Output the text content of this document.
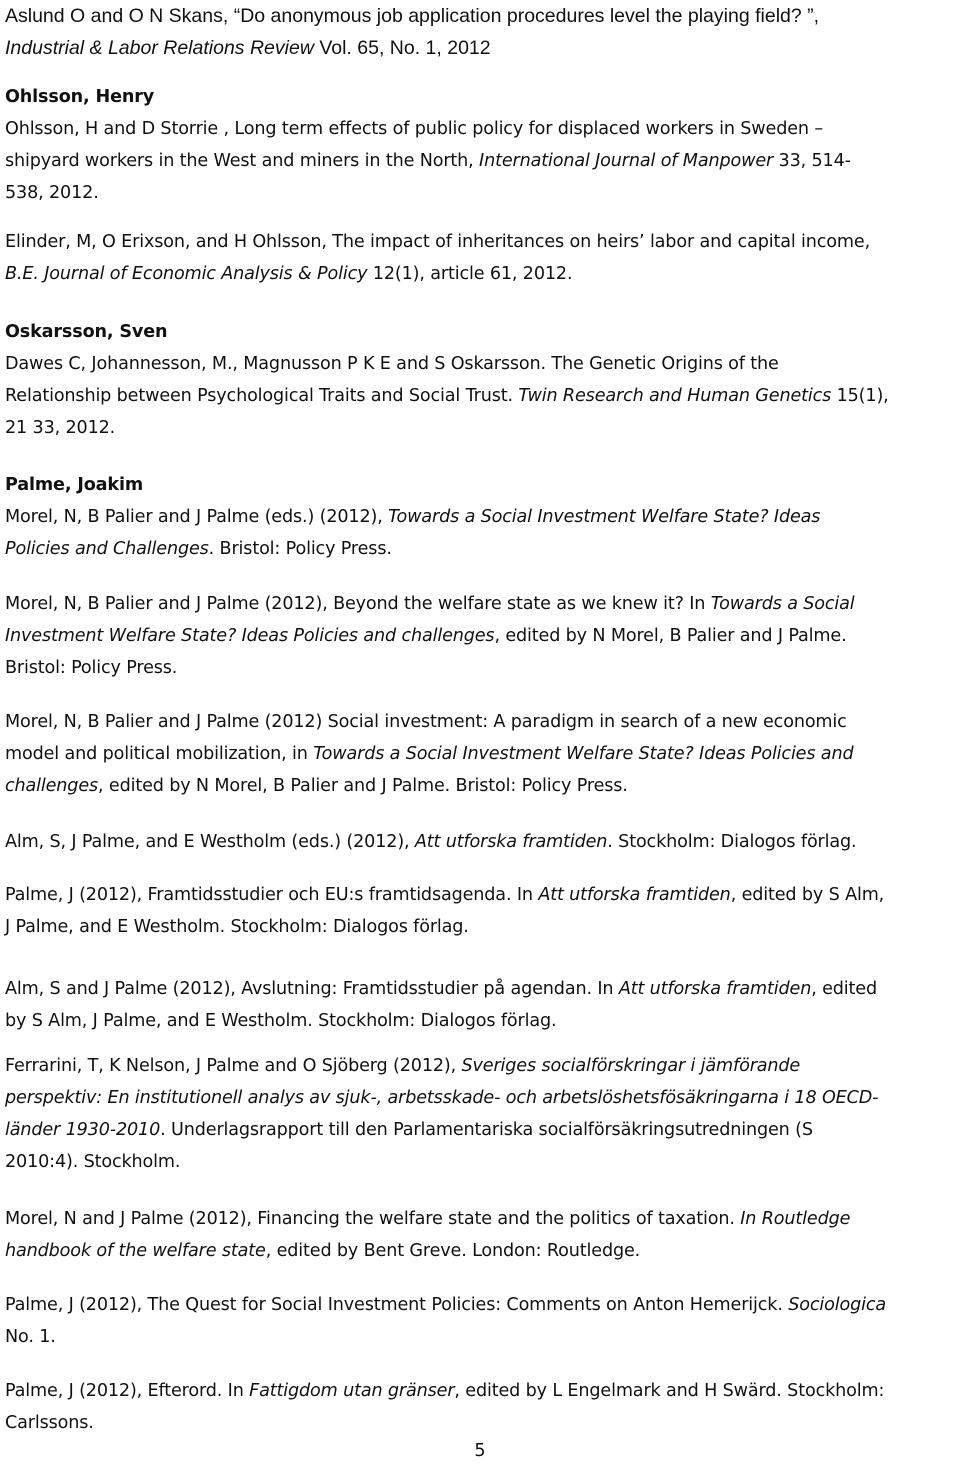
Aslund O and O N Skans, “Do anonymous job application procedures level the playing field? ”,
Industrial & Labor Relations Review Vol. 65, No. 1, 2012
Ohlsson, Henry
Ohlsson, H and D Storrie , Long term effects of public policy for displaced workers in Sweden –
shipyard workers in the West and miners in the North, International Journal of Manpower 33, 514-
538, 2012.
Elinder, M, O Erixson, and H Ohlsson, The impact of inheritances on heirs’ labor and capital income,
B.E. Journal of Economic Analysis & Policy 12(1), article 61, 2012.
Oskarsson, Sven
Dawes C, Johannesson, M., Magnusson P K E and S Oskarsson. The Genetic Origins of the
Relationship between Psychological Traits and Social Trust. Twin Research and Human Genetics 15(1),
21 33, 2012.
Palme, Joakim
Morel, N, B Palier and J Palme (eds.) (2012), Towards a Social Investment Welfare State? Ideas
Policies and Challenges. Bristol: Policy Press.
Morel, N, B Palier and J Palme (2012), Beyond the welfare state as we knew it? In Towards a Social
Investment Welfare State? Ideas Policies and challenges, edited by N Morel, B Palier and J Palme.
Bristol: Policy Press.
Morel, N, B Palier and J Palme (2012) Social investment: A paradigm in search of a new economic
model and political mobilization, in Towards a Social Investment Welfare State? Ideas Policies and
challenges, edited by N Morel, B Palier and J Palme. Bristol: Policy Press.
Alm, S, J Palme, and E Westholm (eds.) (2012), Att utforska framtiden. Stockholm: Dialogos förlag.
Palme, J (2012), Framtidsstudier och EU:s framtidsagenda. In Att utforska framtiden, edited by S Alm,
J Palme, and E Westholm. Stockholm: Dialogos förlag.
Alm, S and J Palme (2012), Avslutning: Framtidsstudier på agendan. In Att utforska framtiden, edited
by S Alm, J Palme, and E Westholm. Stockholm: Dialogos förlag.
Ferrarini, T, K Nelson, J Palme and O Sjöberg (2012), Sveriges socialförskringar i jämförande
perspektiv: En institutionell analys av sjuk-, arbetsskade- och arbetslöshetsfösäkringarna i 18 OECD-
länder 1930-2010. Underlagsrapport till den Parlamentariska socialförsäkringsutredningen (S
2010:4). Stockholm.
Morel, N and J Palme (2012), Financing the welfare state and the politics of taxation. In Routledge
handbook of the welfare state, edited by Bent Greve. London: Routledge.
Palme, J (2012), The Quest for Social Investment Policies: Comments on Anton Hemerijck. Sociologica
No. 1.
Palme, J (2012), Efterord. In Fattigdom utan gränser, edited by L Engelmark and H Swärd. Stockholm:
Carlssons.
5
